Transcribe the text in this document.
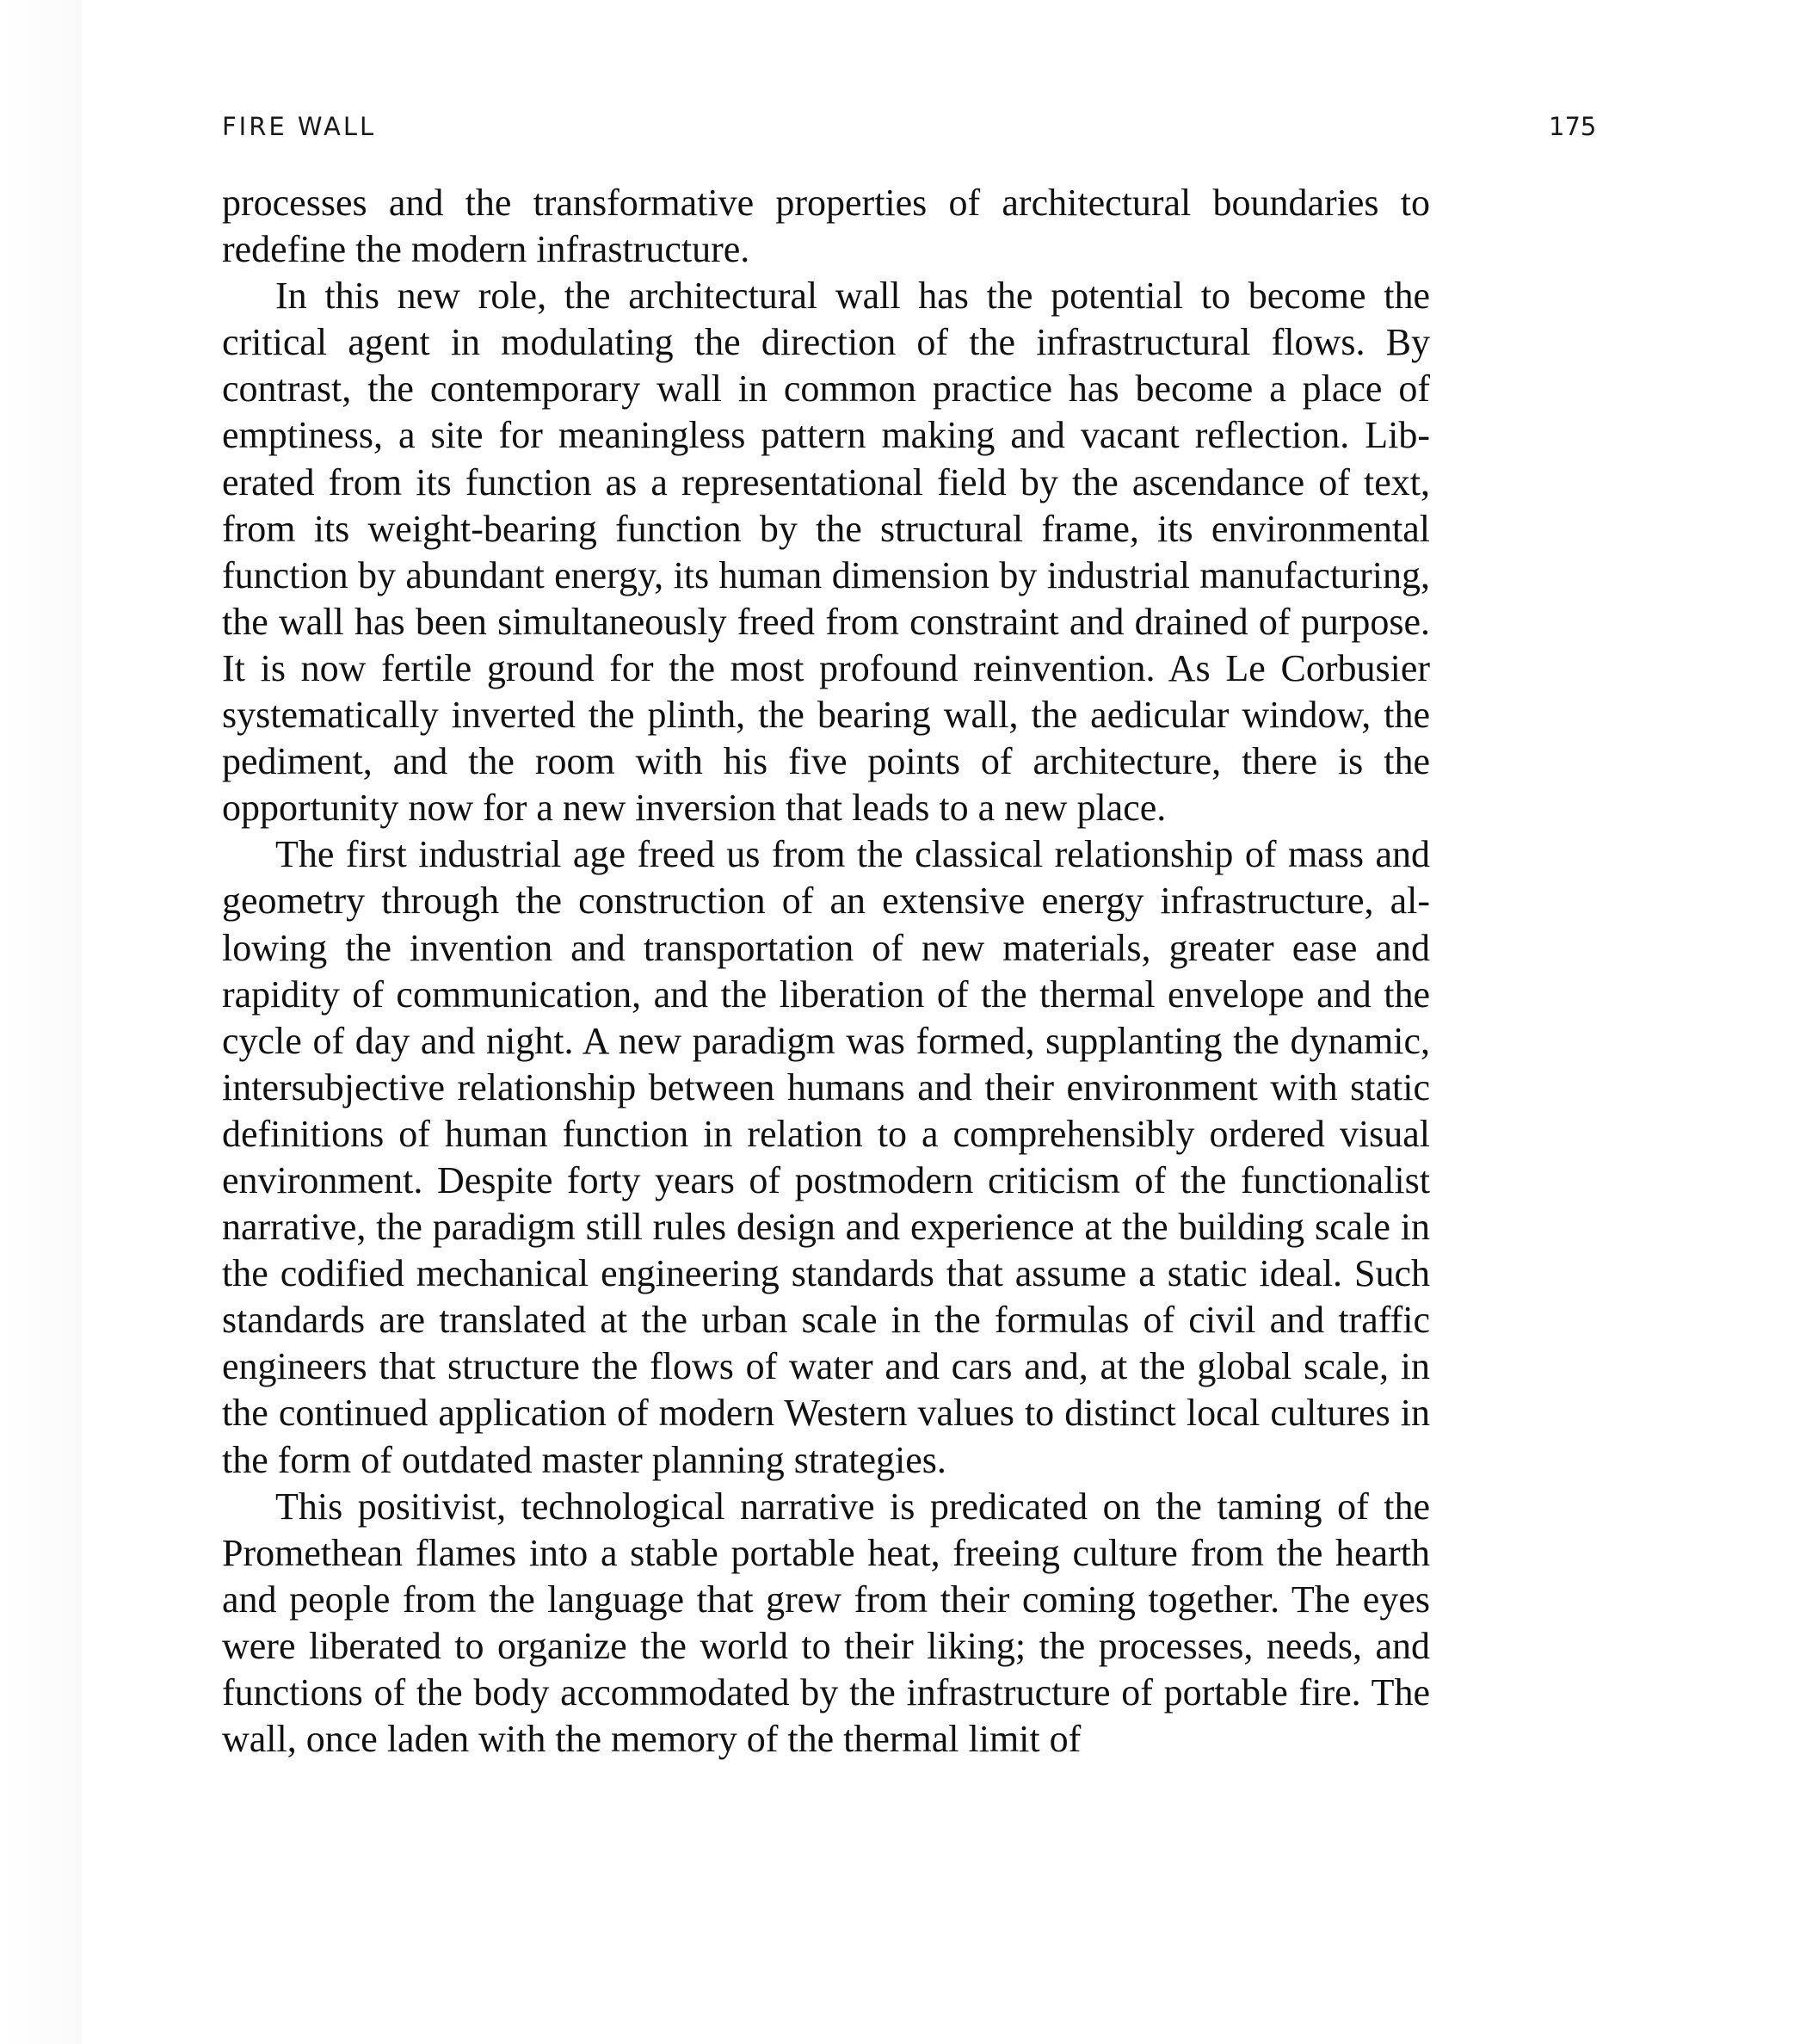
FIRE WALL	175

processes and the transformative properties of architectural boundaries to redefine the modern infrastructure.

In this new role, the architectural wall has the potential to become the critical agent in modulating the direction of the infrastructural flows. By contrast, the contemporary wall in common practice has become a place of emptiness, a site for meaningless pattern making and vacant reflection. Liberated from its function as a representational field by the ascendance of text, from its weight-bearing function by the structural frame, its environmental function by abundant energy, its human dimension by industrial manufacturing, the wall has been simultaneously freed from constraint and drained of purpose. It is now fertile ground for the most profound reinvention. As Le Corbusier systematically inverted the plinth, the bearing wall, the aedicular window, the pediment, and the room with his five points of architecture, there is the opportunity now for a new inversion that leads to a new place.

The first industrial age freed us from the classical relationship of mass and geometry through the construction of an extensive energy infrastructure, allowing the invention and transportation of new materials, greater ease and rapidity of communication, and the liberation of the thermal envelope and the cycle of day and night. A new paradigm was formed, supplanting the dynamic, intersubjective relationship between humans and their environment with static definitions of human function in relation to a comprehensibly ordered visual environment. Despite forty years of postmodern criticism of the functionalist narrative, the paradigm still rules design and experience at the building scale in the codified mechanical engineering standards that assume a static ideal. Such standards are translated at the urban scale in the formulas of civil and traffic engineers that structure the flows of water and cars and, at the global scale, in the continued application of modern Western values to distinct local cultures in the form of outdated master planning strategies.

This positivist, technological narrative is predicated on the taming of the Promethean flames into a stable portable heat, freeing culture from the hearth and people from the language that grew from their coming together. The eyes were liberated to organize the world to their liking; the processes, needs, and functions of the body accommodated by the infrastructure of portable fire. The wall, once laden with the memory of the thermal limit of
